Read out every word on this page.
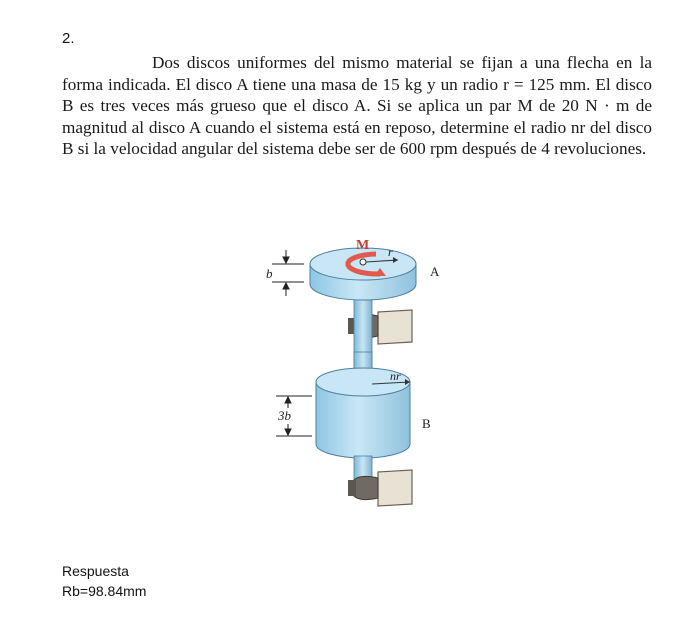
2.

Dos discos uniformes del mismo material se fijan a una flecha en la forma indicada. El disco A tiene una masa de 15 kg y un radio r = 125 mm. El disco B es tres veces más grueso que el disco A. Si se aplica un par M de 20 N · m de magnitud al disco A cuando el sistema está en reposo, determine el radio nr del disco B si la velocidad angular del sistema debe ser de 600 rpm después de 4 revoluciones.

b
3b
M r
A
nr
B
Respuesta
Rb=98.84mm
